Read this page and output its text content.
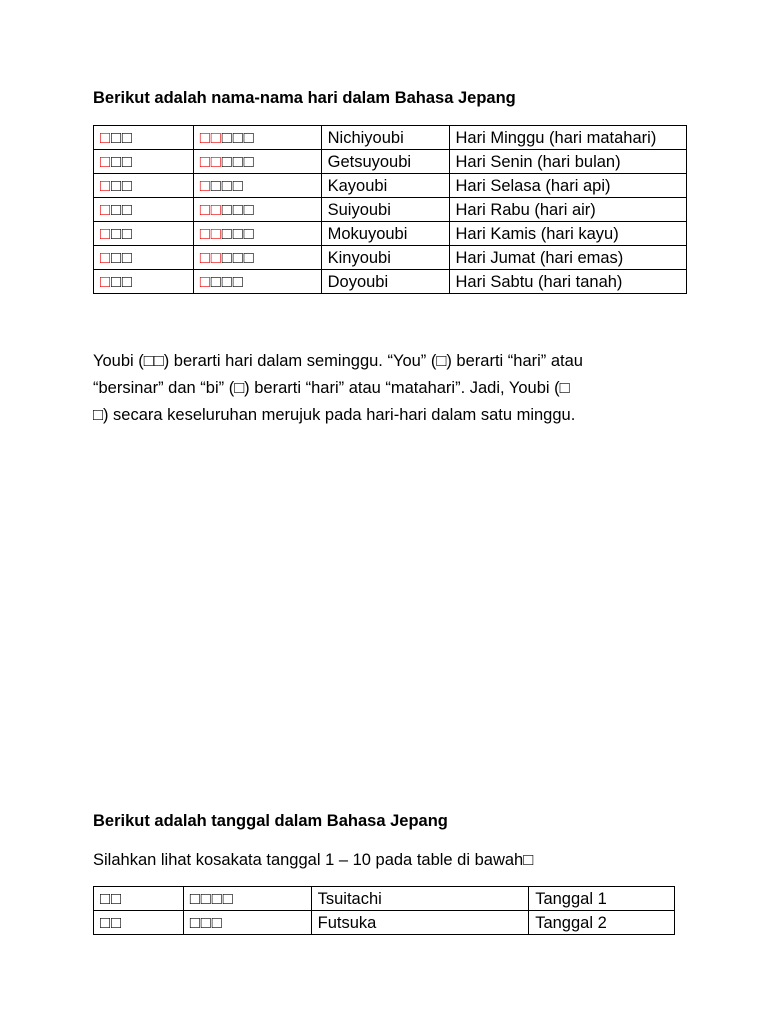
Berikut adalah nama-nama hari dalam Bahasa Jepang

□□□	□□□□□	Nichiyoubi	Hari Minggu (hari matahari)
□□□	□□□□□	Getsuyoubi	Hari Senin (hari bulan)
□□□	□□□□	Kayoubi	Hari Selasa (hari api)
□□□	□□□□□	Suiyoubi	Hari Rabu (hari air)
□□□	□□□□□	Mokuyoubi	Hari Kamis (hari kayu)
□□□	□□□□□	Kinyoubi	Hari Jumat (hari emas)
□□□	□□□□	Doyoubi	Hari Sabtu (hari tanah)
Youbi (□□) berarti hari dalam seminggu. “You” (□) berarti “hari” atau
“bersinar” dan “bi” (□) berarti “hari” atau “matahari”. Jadi, Youbi (□
□) secara keseluruhan merujuk pada hari-hari dalam satu minggu.

Berikut adalah tanggal dalam Bahasa Jepang

Silahkan lihat kosakata tanggal 1 – 10 pada table di bawah□

□□	□□□□	Tsuitachi	Tanggal 1
□□	□□□	Futsuka	Tanggal 2
